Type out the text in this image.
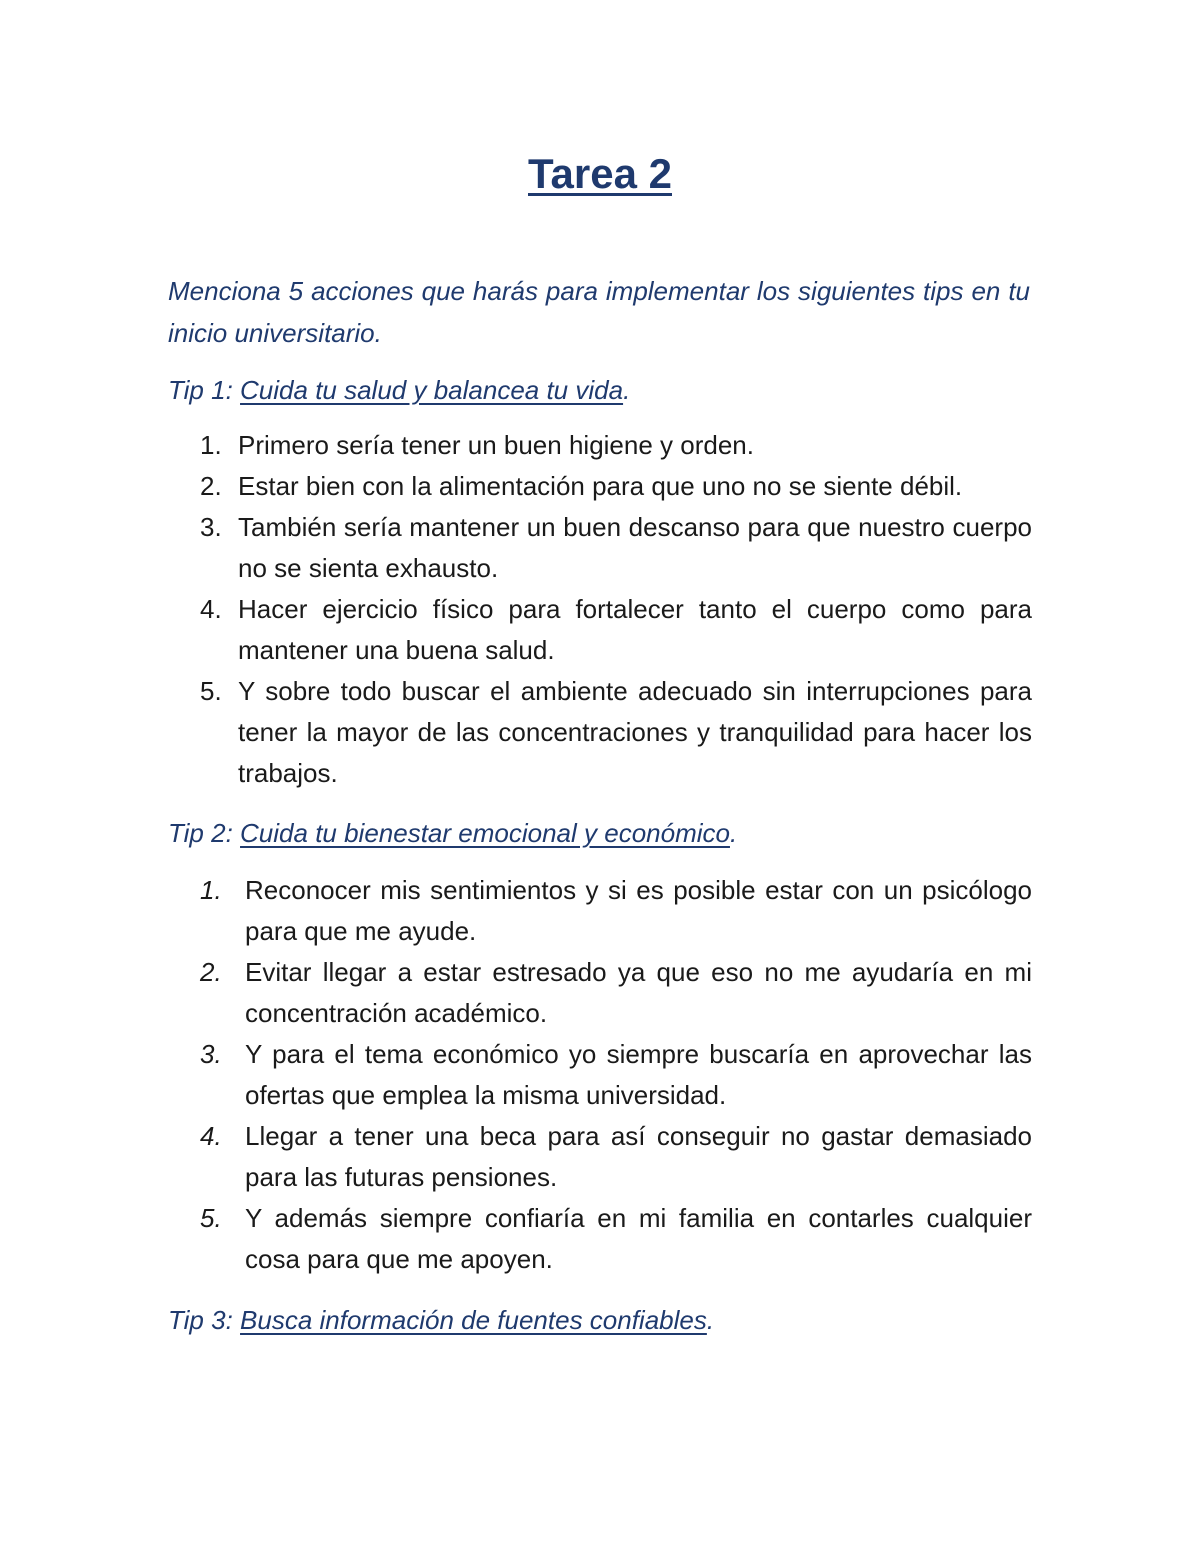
Tarea 2
Menciona 5 acciones que harás para implementar los siguientes tips en tu inicio universitario.
Tip 1: Cuida tu salud y balancea tu vida.
1. Primero sería tener un buen higiene y orden.
2. Estar bien con la alimentación para que uno no se siente débil.
3. También sería mantener un buen descanso para que nuestro cuerpo no se sienta exhausto.
4. Hacer ejercicio físico para fortalecer tanto el cuerpo como para mantener una buena salud.
5. Y sobre todo buscar el ambiente adecuado sin interrupciones para tener la mayor de las concentraciones y tranquilidad para hacer los trabajos.
Tip 2: Cuida tu bienestar emocional y económico.
1. Reconocer mis sentimientos y si es posible estar con un psicólogo para que me ayude.
2. Evitar llegar a estar estresado ya que eso no me ayudaría en mi concentración académico.
3. Y para el tema económico yo siempre buscaría en aprovechar las ofertas que emplea la misma universidad.
4. Llegar a tener una beca para así conseguir no gastar demasiado para las futuras pensiones.
5. Y además siempre confiaría en mi familia en contarles cualquier cosa para que me apoyen.
Tip 3: Busca información de fuentes confiables.
